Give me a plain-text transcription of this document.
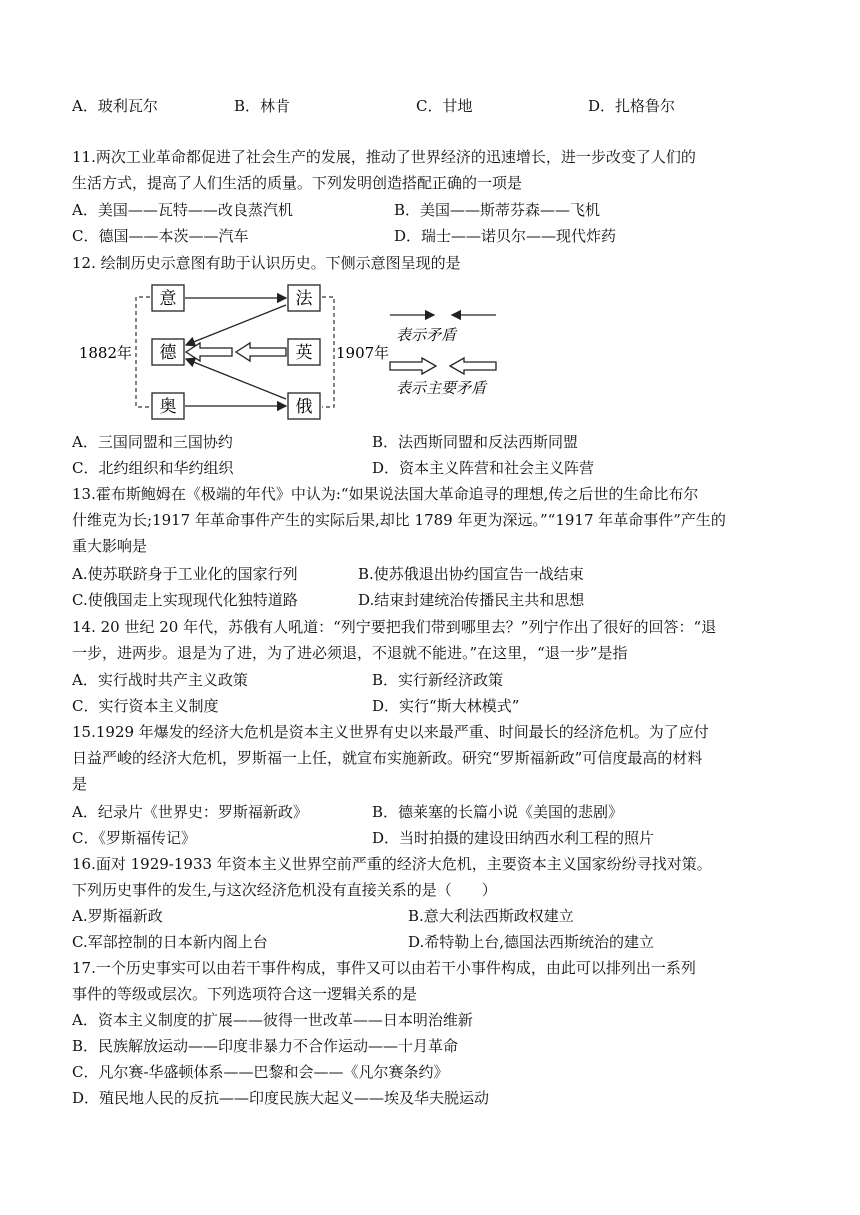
A．玻利瓦尔	B．林肯	C．甘地	D．扎格鲁尔
11.两次工业革命都促进了社会生产的发展，推动了世界经济的迅速增长，进一步改变了人们的
生活方式，提高了人们生活的质量。下列发明创造搭配正确的一项是
A．美国——瓦特——改良蒸汽机	B．美国——斯蒂芬森——飞机
C．德国——本茨——汽车	D．瑞士——诺贝尔——现代炸药
12. 绘制历史示意图有助于认识历史。下侧示意图呈现的是
意
德
奥
法
英
俄
1882年	1907年
表示矛盾
表示主要矛盾
A．三国同盟和三国协约	B．法西斯同盟和反法西斯同盟
C．北约组织和华约组织	D．资本主义阵营和社会主义阵营
13.霍布斯鲍姆在《极端的年代》中认为:“如果说法国大革命追寻的理想,传之后世的生命比布尔
什维克为长;1917 年革命事件产生的实际后果,却比 1789 年更为深远。”“1917 年革命事件”产生的
重大影响是
A.使苏联跻身于工业化的国家行列	B.使苏俄退出协约国宣告一战结束
C.使俄国走上实现现代化独特道路	D.结束封建统治传播民主共和思想
14. 20 世纪 20 年代，苏俄有人吼道：“列宁要把我们带到哪里去？”列宁作出了很好的回答：“退
一步，进两步。退是为了进，为了进必须退，不退就不能进。”在这里，“退一步”是指
A．实行战时共产主义政策	B．实行新经济政策
C．实行资本主义制度	D．实行“斯大林模式”
15.1929 年爆发的经济大危机是资本主义世界有史以来最严重、时间最长的经济危机。为了应付
日益严峻的经济大危机，罗斯福一上任，就宣布实施新政。研究“罗斯福新政”可信度最高的材料
是
A．纪录片《世界史：罗斯福新政》	B．德莱塞的长篇小说《美国的悲剧》
C．《罗斯福传记》	D．当时拍摄的建设田纳西水利工程的照片
16.面对 1929-1933 年资本主义世界空前严重的经济大危机，主要资本主义国家纷纷寻找对策。
下列历史事件的发生,与这次经济危机没有直接关系的是（　　）
A.罗斯福新政	B.意大利法西斯政权建立
C.军部控制的日本新内阁上台	D.希特勒上台,德国法西斯统治的建立
17.一个历史事实可以由若干事件构成，事件又可以由若干小事件构成，由此可以排列出一系列
事件的等级或层次。下列选项符合这一逻辑关系的是
A．资本主义制度的扩展——彼得一世改革——日本明治维新
B．民族解放运动——印度非暴力不合作运动——十月革命
C．凡尔赛-华盛顿体系——巴黎和会——《凡尔赛条约》
D．殖民地人民的反抗——印度民族大起义——埃及华夫脱运动
